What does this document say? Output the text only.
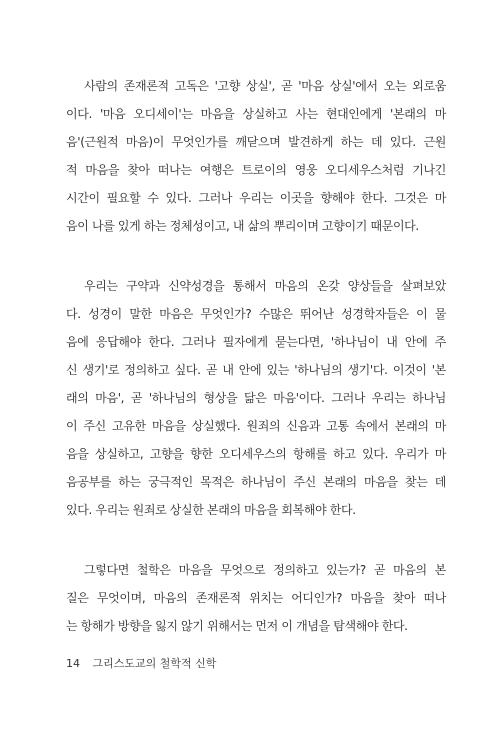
사람의 존재론적 고독은 '고향 상실', 곧 '마음 상실'에서 오는 외로움
이다. '마음 오디세이'는 마음을 상실하고 사는 현대인에게 '본래의 마
음'(근원적 마음)이 무엇인가를 깨닫으며 발견하게 하는 데 있다. 근원
적 마음을 찾아 떠나는 여행은 트로이의 영웅 오디세우스처럼 기나긴
시간이 필요할 수 있다. 그러나 우리는 이곳을 향해야 한다. 그것은 마
음이 나를 있게 하는 정체성이고, 내 삶의 뿌리이며 고향이기 때문이다.

우리는 구약과 신약성경을 통해서 마음의 온갖 양상들을 살펴보았
다. 성경이 말한 마음은 무엇인가? 수많은 뛰어난 성경학자들은 이 물
음에 응답해야 한다. 그러나 필자에게 묻는다면, '하나님이 내 안에 주
신 생기'로 정의하고 싶다. 곧 내 안에 있는 '하나님의 생기'다. 이것이 '본
래의 마음', 곧 '하나님의 형상을 닮은 마음'이다. 그러나 우리는 하나님
이 주신 고유한 마음을 상실했다. 원죄의 신음과 고통 속에서 본래의 마
음을 상실하고, 고향을 향한 오디세우스의 항해를 하고 있다. 우리가 마
음공부를 하는 궁극적인 목적은 하나님이 주신 본래의 마음을 찾는 데
있다. 우리는 원죄로 상실한 본래의 마음을 회복해야 한다.

그렇다면 철학은 마음을 무엇으로 정의하고 있는가? 곧 마음의 본
질은 무엇이며, 마음의 존재론적 위치는 어디인가? 마음을 찾아 떠나
는 항해가 방향을 잃지 않기 위해서는 먼저 이 개념을 탐색해야 한다.

14 그리스도교의 철학적 신학
